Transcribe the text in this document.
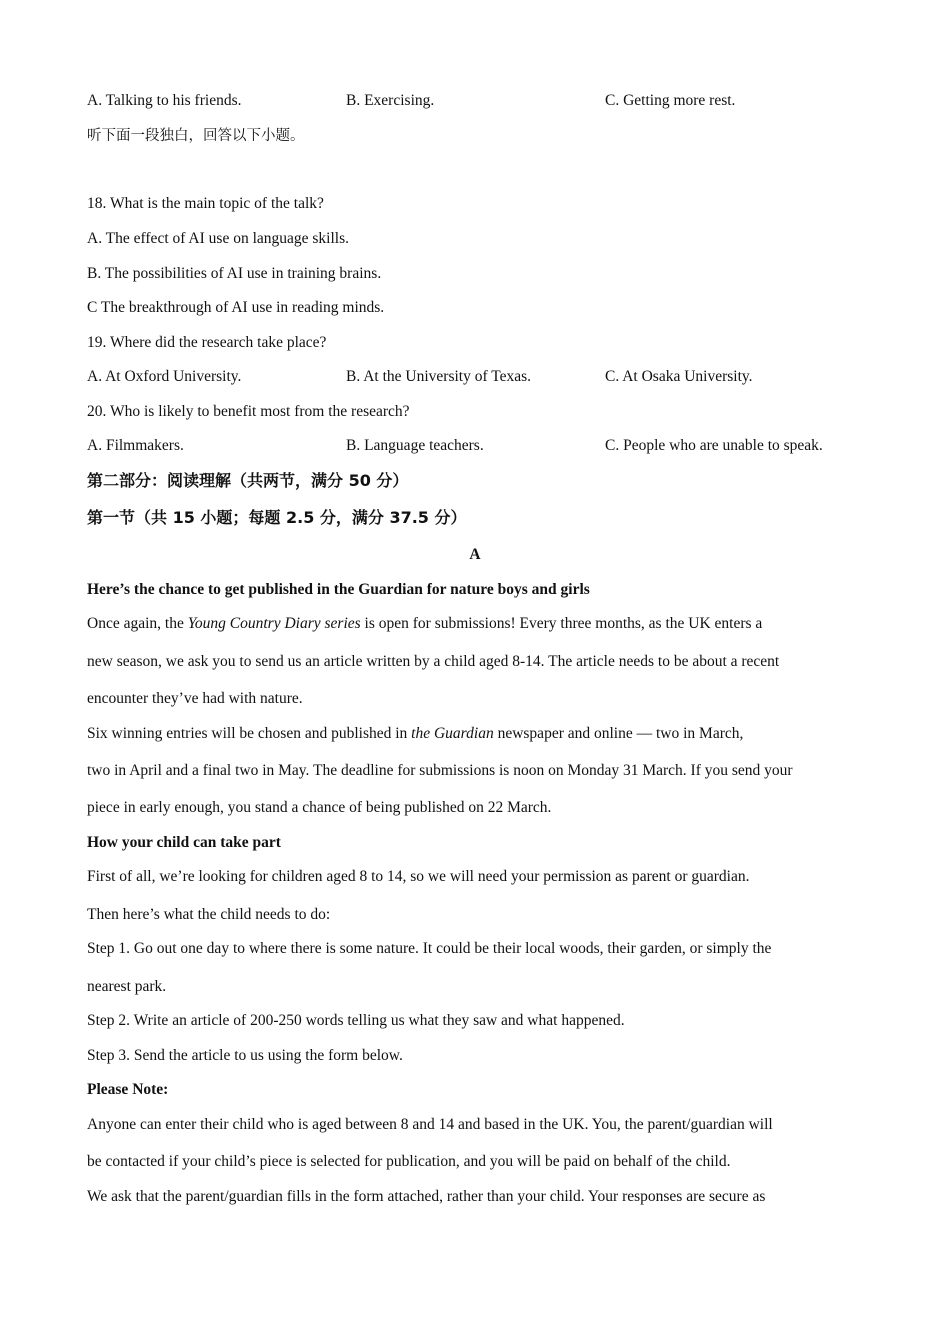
A. Talking to his friends.	B. Exercising.	C. Getting more rest.
听下面一段独白，回答以下小题。
18. What is the main topic of the talk?
A. The effect of AI use on language skills.
B. The possibilities of AI use in training brains.
C The breakthrough of AI use in reading minds.
19. Where did the research take place?
A. At Oxford University.	B. At the University of Texas.	C. At Osaka University.
20. Who is likely to benefit most from the research?
A. Filmmakers.	B. Language teachers.	C. People who are unable to speak.
第二部分：阅读理解（共两节，满分 50 分）
第一节（共 15 小题；每题 2.5 分，满分 37.5 分）
A
Here’s the chance to get published in the Guardian for nature boys and girls
Once again, the Young Country Diary series is open for submissions! Every three months, as the UK enters a
new season, we ask you to send us an article written by a child aged 8-14. The article needs to be about a recent
encounter they’ve had with nature.
Six winning entries will be chosen and published in the Guardian newspaper and online — two in March,
two in April and a final two in May. The deadline for submissions is noon on Monday 31 March. If you send your
piece in early enough, you stand a chance of being published on 22 March.
How your child can take part
First of all, we’re looking for children aged 8 to 14, so we will need your permission as parent or guardian.
Then here’s what the child needs to do:
Step 1. Go out one day to where there is some nature. It could be their local woods, their garden, or simply the
nearest park.
Step 2. Write an article of 200-250 words telling us what they saw and what happened.
Step 3. Send the article to us using the form below.
Please Note:
Anyone can enter their child who is aged between 8 and 14 and based in the UK. You, the parent/guardian will
be contacted if your child’s piece is selected for publication, and you will be paid on behalf of the child.
We ask that the parent/guardian fills in the form attached, rather than your child. Your responses are secure as
